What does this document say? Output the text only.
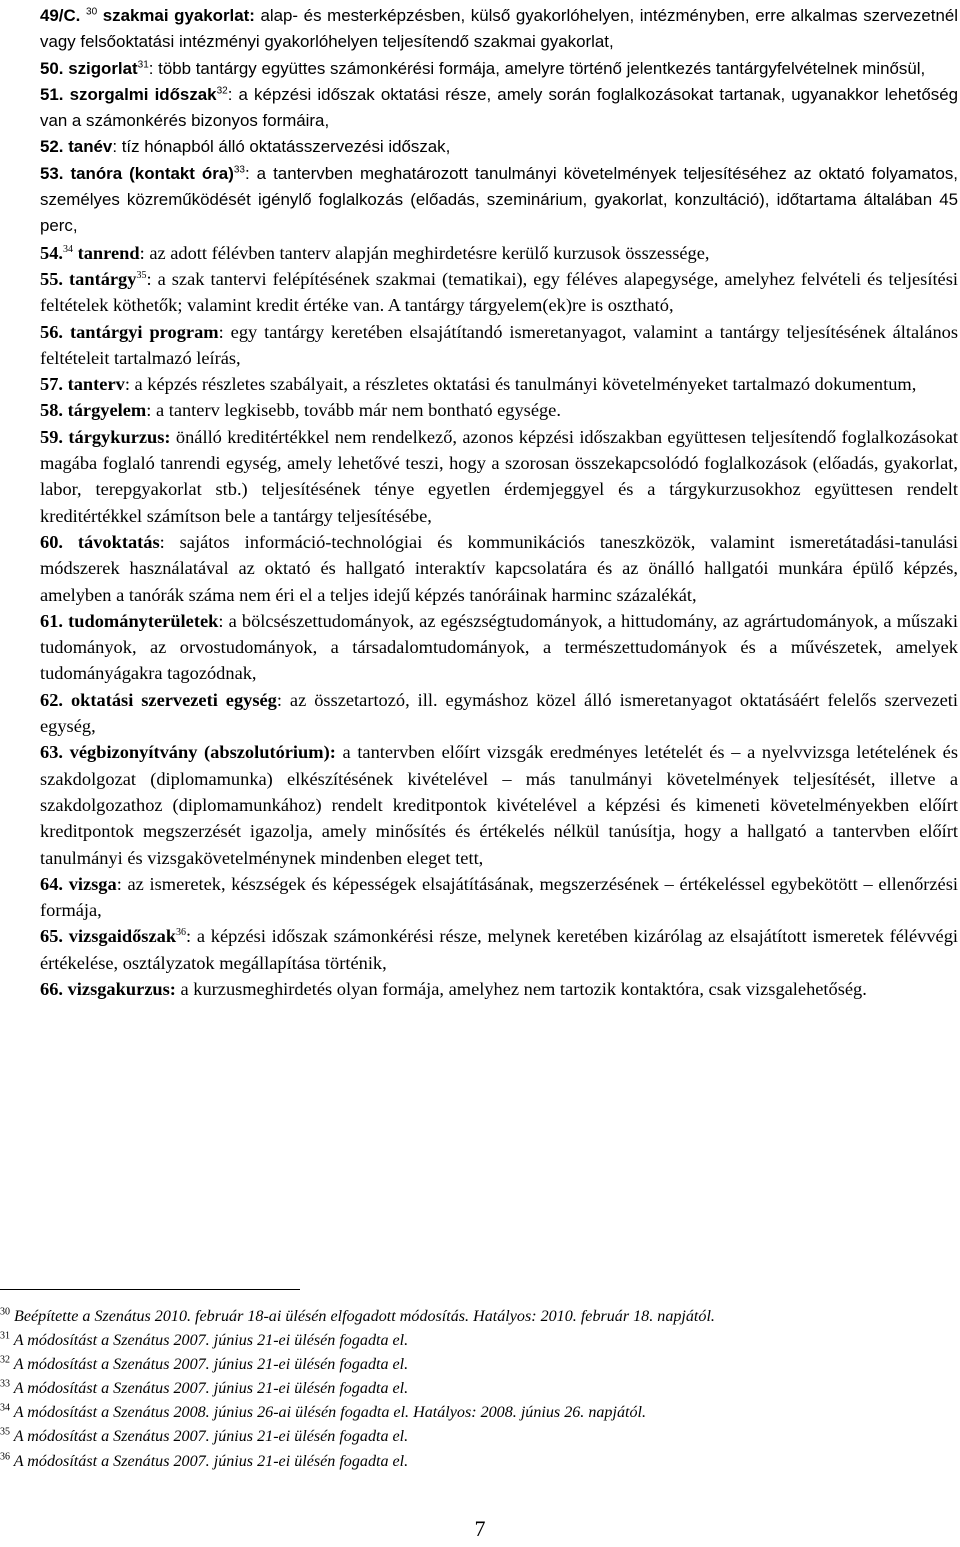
49/C. $^{30}$ szakmai gyakorlat: alap- és mesterképzésben, külső gyakorlóhelyen, intézményben, erre alkalmas szervezetnél vagy felsőoktatási intézményi gyakorlóhelyen teljesítendő szakmai gyakorlat,
50. szigorlat$^{31}$: több tantárgy együttes számonkérési formája, amelyre történő jelentkezés tantárgyfelvételnek minősül,
51. szorgalmi időszak$^{32}$: a képzési időszak oktatási része, amely során foglalkozásokat tartanak, ugyanakkor lehetőség van a számonkérés bizonyos formáira,
52. tanév: tíz hónapból álló oktatásszervezési időszak,
53. tanóra (kontakt óra)$^{33}$: a tantervben meghatározott tanulmányi követelmények teljesítéséhez az oktató folyamatos, személyes közreműködését igénylő foglalkozás (előadás, szeminárium, gyakorlat, konzultáció), időtartama általában 45 perc,
54.34 tanrend: az adott félévben tanterv alapján meghirdetésre kerülő kurzusok összessége,
55. tantárgy$^{35}$: a szak tantervi felépítésének szakmai (tematikai), egy féléves alapegysége, amelyhez felvételi és teljesítési feltételek köthetők; valamint kredit értéke van. A tantárgy tárgyelem(ek)re is osztható,
56. tantárgyi program: egy tantárgy keretében elsajátítandó ismeretanyagot, valamint a tantárgy teljesítésének általános feltételeit tartalmazó leírás,
57. tanterv: a képzés részletes szabályait, a részletes oktatási és tanulmányi követelményeket tartalmazó dokumentum,
58. tárgyelem: a tanterv legkisebb, tovább már nem bontható egysége.
59. tárgykurzus: önálló kreditértékkel nem rendelkező, azonos képzési időszakban együttesen teljesítendő foglalkozásokat magába foglaló tanrendi egység, amely lehetővé teszi, hogy a szorosan összekapcsolódó foglalkozások (előadás, gyakorlat, labor, terepgyakorlat stb.) teljesítésének ténye egyetlen érdemjeggyel és a tárgykurzusokhoz együttesen rendelt kreditértékkel számítson bele a tantárgy teljesítésébe,
60. távoktatás: sajátos információ-technológiai és kommunikációs taneszközök, valamint ismeretátadási-tanulási módszerek használatával az oktató és hallgató interaktív kapcsolatára és az önálló hallgatói munkára épülő képzés, amelyben a tanórák száma nem éri el a teljes idejű képzés tanóráinak harminc százalékát,
61. tudományterületek: a bölcsészettudományok, az egészségtudományok, a hittudomány, az agrártudományok, a műszaki tudományok, az orvostudományok, a társadalomtudományok, a természettudományok és a művészetek, amelyek tudományágakra tagozódnak,
62. oktatási szervezeti egység: az összetartozó, ill. egymáshoz közel álló ismeretanyagot oktatásáért felelős szervezeti egység,
63. végbizonyítvány (abszolutórium): a tantervben előírt vizsgák eredményes letételét és – a nyelvvizsga letételének és szakdolgozat (diplomamunka) elkészítésének kivételével – más tanulmányi követelmények teljesítését, illetve a szakdolgozathoz (diplomamunkához) rendelt kreditpontok kivételével a képzési és kimeneti követelményekben előírt kreditpontok megszerzését igazolja, amely minősítés és értékelés nélkül tanúsítja, hogy a hallgató a tantervben előírt tanulmányi és vizsgakövetelménynek mindenben eleget tett,
64. vizsga: az ismeretek, készségek és képességek elsajátításának, megszerzésének – értékeléssel egybekötött – ellenőrzési formája,
65. vizsgaidőszak$^{36}$: a képzési időszak számonkérési része, melynek keretében kizárólag az elsajátított ismeretek félévvégi értékelése, osztályzatok megállapítása történik,
66. vizsgakurzus: a kurzusmeghirdetés olyan formája, amelyhez nem tartozik kontaktóra, csak vizsgalehetőség.
$^{30}$ Beépítette a Szenátus 2010. február 18-ai ülésén elfogadott módosítás. Hatályos: 2010. február 18. napjától.
$^{31}$ A módosítást a Szenátus 2007. június 21-ei ülésén fogadta el.
$^{32}$ A módosítást a Szenátus 2007. június 21-ei ülésén fogadta el.
$^{33}$ A módosítást a Szenátus 2007. június 21-ei ülésén fogadta el.
$^{34}$ A módosítást a Szenátus 2008. június 26-ai ülésén fogadta el. Hatályos: 2008. június 26. napjától.
$^{35}$ A módosítást a Szenátus 2007. június 21-ei ülésén fogadta el.
$^{36}$ A módosítást a Szenátus 2007. június 21-ei ülésén fogadta el.
7
